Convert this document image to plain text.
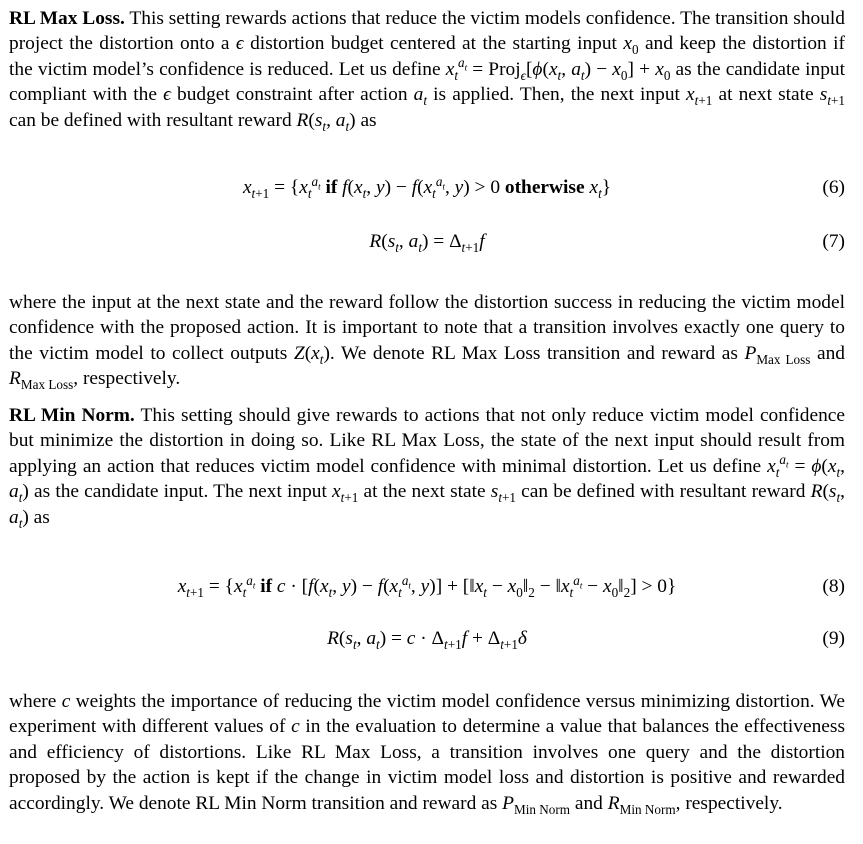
RL Max Loss. This setting rewards actions that reduce the victim models confidence. The transition should project the distortion onto a ϵ distortion budget centered at the starting input $x_0$ and keep the distortion if the victim model’s confidence is reduced. Let us define $x_t^{a_t}$ = $Proj_\epsilon[\phi(x_t$, $a_t) - x_0] + x_0$ as the candidate input compliant with the ϵ budget constraint after action $a_t$ is applied. Then, the next input $x_{t+1}$ at next state $s_{t+1}$ can be defined with resultant reward $R(s_t$, $a_t$) as

$x_{t+1} = \{x_t^{a_t}$ if $f(x_t$, $y) - f(x_t^{a_t}$, y) > 0 otherwise $x_t$}	(6)
$R(s_t$, $a_t) = \Delta_{t+1}f$	(7)

where the input at the next state and the reward follow the distortion success in reducing the victim model confidence with the proposed action. It is important to note that a transition involves exactly one query to the victim model to collect outputs $Z(x_t)$. We denote RL Max Loss transition and reward as $P_{Max Loss}$ and $R_{Max Loss}$, respectively.

RL Min Norm. This setting should give rewards to actions that not only reduce victim model confidence but minimize the distortion in doing so. Like RL Max Loss, the state of the next input should result from applying an action that reduces victim model confidence with minimal distortion. Let us define $x_t^{a_t} = \phi(x_t$, $a_t$) as the candidate input. The next input $x_{t+1}$ at the next state $s_{t+1}$ can be defined with resultant reward $R(s_t$, $a_t$) as

$x_{t+1} = \{x_t^{a_t}$ if $c \cdot [f(x_t$, $y) - f(x_t^{a_t}$, $y)] + [‖x_t$ − $x_0‖_2$ − $‖x_t^{a_t}$ − $x_0‖_2] > 0$}	(8)
$R(s_t$, $a_t) = c \cdot \Delta_{t+1}f + \Delta_{t+1}\delta$	(9)

where c weights the importance of reducing the victim model confidence versus minimizing distortion. We experiment with different values of c in the evaluation to determine a value that balances the effectiveness and efficiency of distortions. Like RL Max Loss, a transition involves one query and the distortion proposed by the action is kept if the change in victim model loss and distortion is positive and rewarded accordingly. We denote RL Min Norm transition and reward as $P_{Min Norm}$ and $R_{Min Norm}$, respectively.
